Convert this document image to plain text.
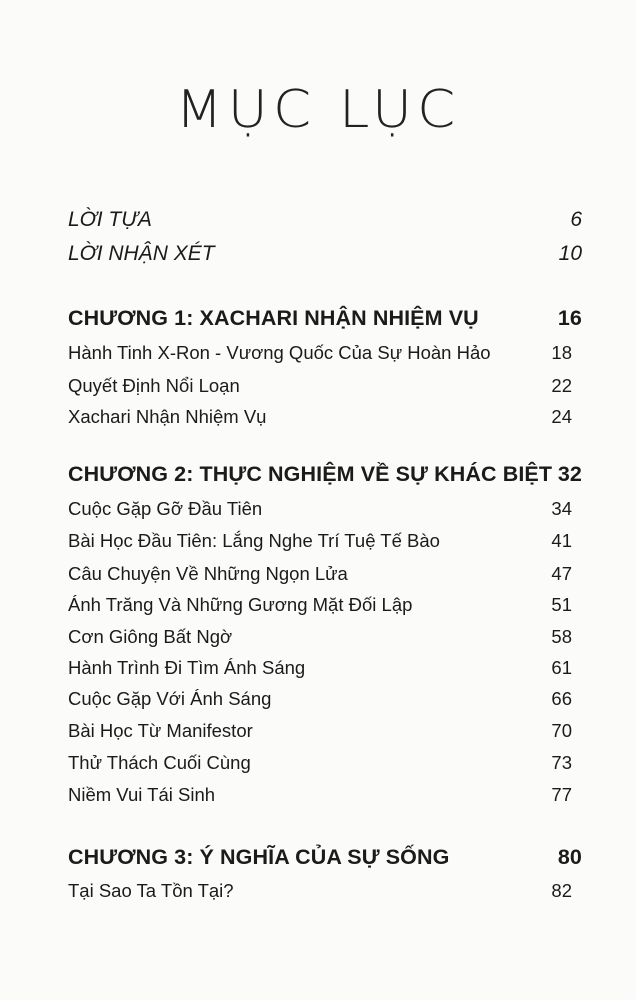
MỤC LỤC
LỜI TỰA	6
LỜI NHẬN XÉT	10
CHƯƠNG 1: XACHARI NHẬN NHIỆM VỤ	16
Hành Tinh X-Ron - Vương Quốc Của Sự Hoàn Hảo	18
Quyết Định Nổi Loạn	22
Xachari Nhận Nhiệm Vụ	24
CHƯƠNG 2: THỰC NGHIỆM VỀ SỰ KHÁC BIỆT 32
Cuộc Gặp Gỡ Đầu Tiên	34
Bài Học Đầu Tiên: Lắng Nghe Trí Tuệ Tế Bào	41
Câu Chuyện Về Những Ngọn Lửa	47
Ánh Trăng Và Những Gương Mặt Đối Lập	51
Cơn Giông Bất Ngờ	58
Hành Trình Đi Tìm Ánh Sáng	61
Cuộc Gặp Với Ánh Sáng	66
Bài Học Từ Manifestor	70
Thử Thách Cuối Cùng	73
Niềm Vui Tái Sinh	77
CHƯƠNG 3: Ý NGHĨA CỦA SỰ SỐNG	80
Tại Sao Ta Tồn Tại?	82
